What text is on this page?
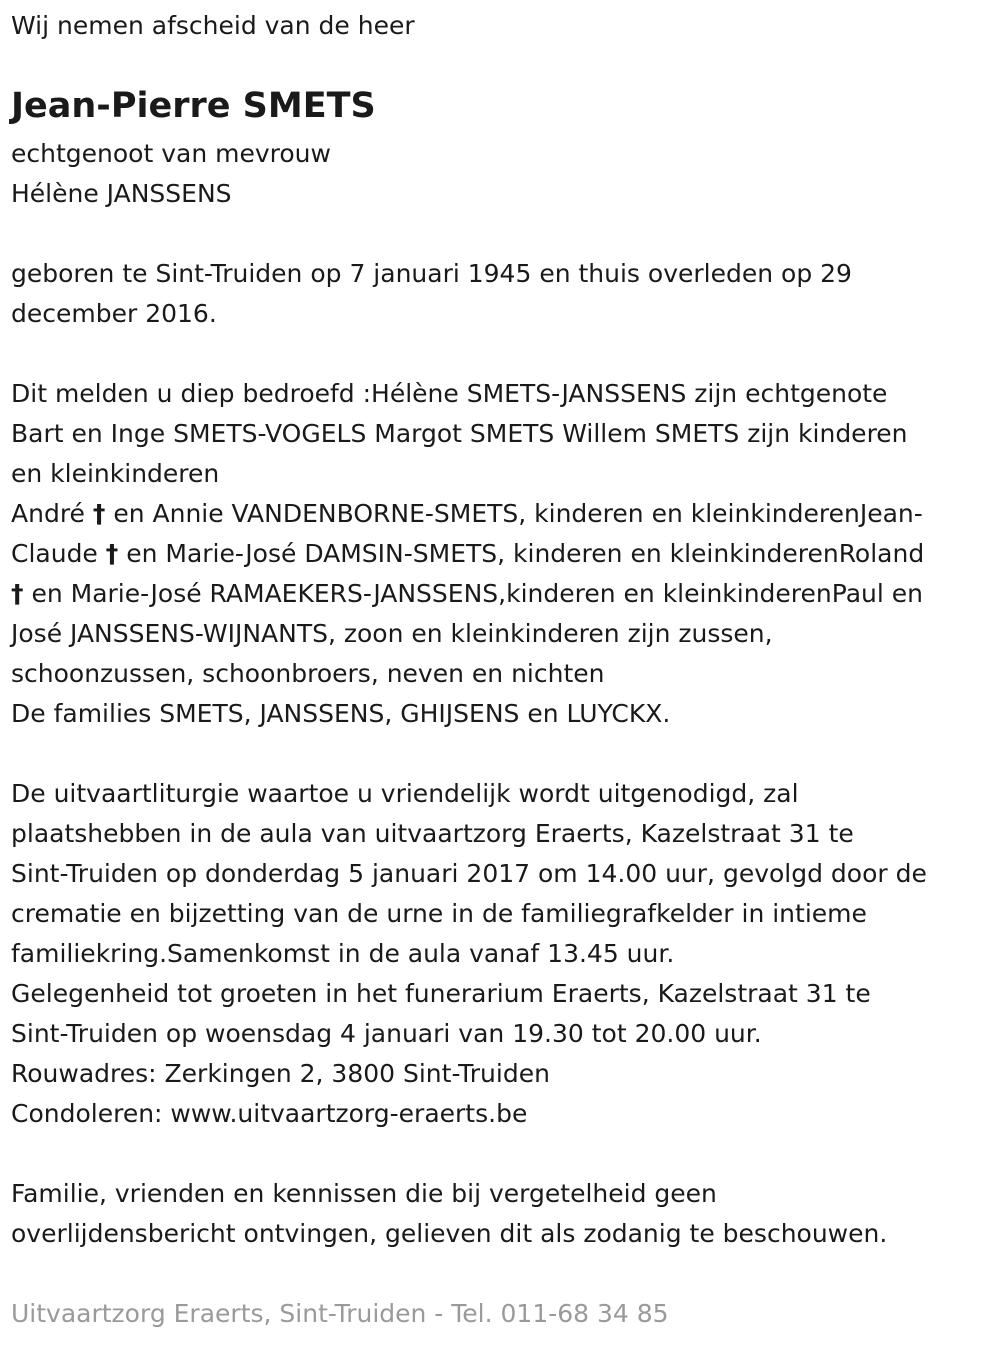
Wij nemen afscheid van de heer
Jean-Pierre SMETS
echtgenoot van mevrouw
Hélène JANSSENS
geboren te Sint-Truiden op 7 januari 1945 en thuis overleden op 29
december 2016.
Dit melden u diep bedroefd :Hélène SMETS-JANSSENS zijn echtgenote
Bart en Inge SMETS-VOGELS Margot SMETS Willem SMETS zijn kinderen
en kleinkinderen
André † en Annie VANDENBORNE-SMETS, kinderen en kleinkinderenJean-
Claude † en Marie-José DAMSIN-SMETS, kinderen en kleinkinderenRoland
† en Marie-José RAMAEKERS-JANSSENS,kinderen en kleinkinderenPaul en
José JANSSENS-WIJNANTS, zoon en kleinkinderen zijn zussen,
schoonzussen, schoonbroers, neven en nichten
De families SMETS, JANSSENS, GHIJSENS en LUYCKX.
De uitvaartliturgie waartoe u vriendelijk wordt uitgenodigd, zal
plaatshebben in de aula van uitvaartzorg Eraerts, Kazelstraat 31 te
Sint-Truiden op donderdag 5 januari 2017 om 14.00 uur, gevolgd door de
crematie en bijzetting van de urne in de familiegrafkelder in intieme
familiekring.Samenkomst in de aula vanaf 13.45 uur.
Gelegenheid tot groeten in het funerarium Eraerts, Kazelstraat 31 te
Sint-Truiden op woensdag 4 januari van 19.30 tot 20.00 uur.
Rouwadres: Zerkingen 2, 3800 Sint-Truiden
Condoleren: www.uitvaartzorg-eraerts.be
Familie, vrienden en kennissen die bij vergetelheid geen
overlijdensbericht ontvingen, gelieven dit als zodanig te beschouwen.
Uitvaartzorg Eraerts, Sint-Truiden - Tel. 011-68 34 85
